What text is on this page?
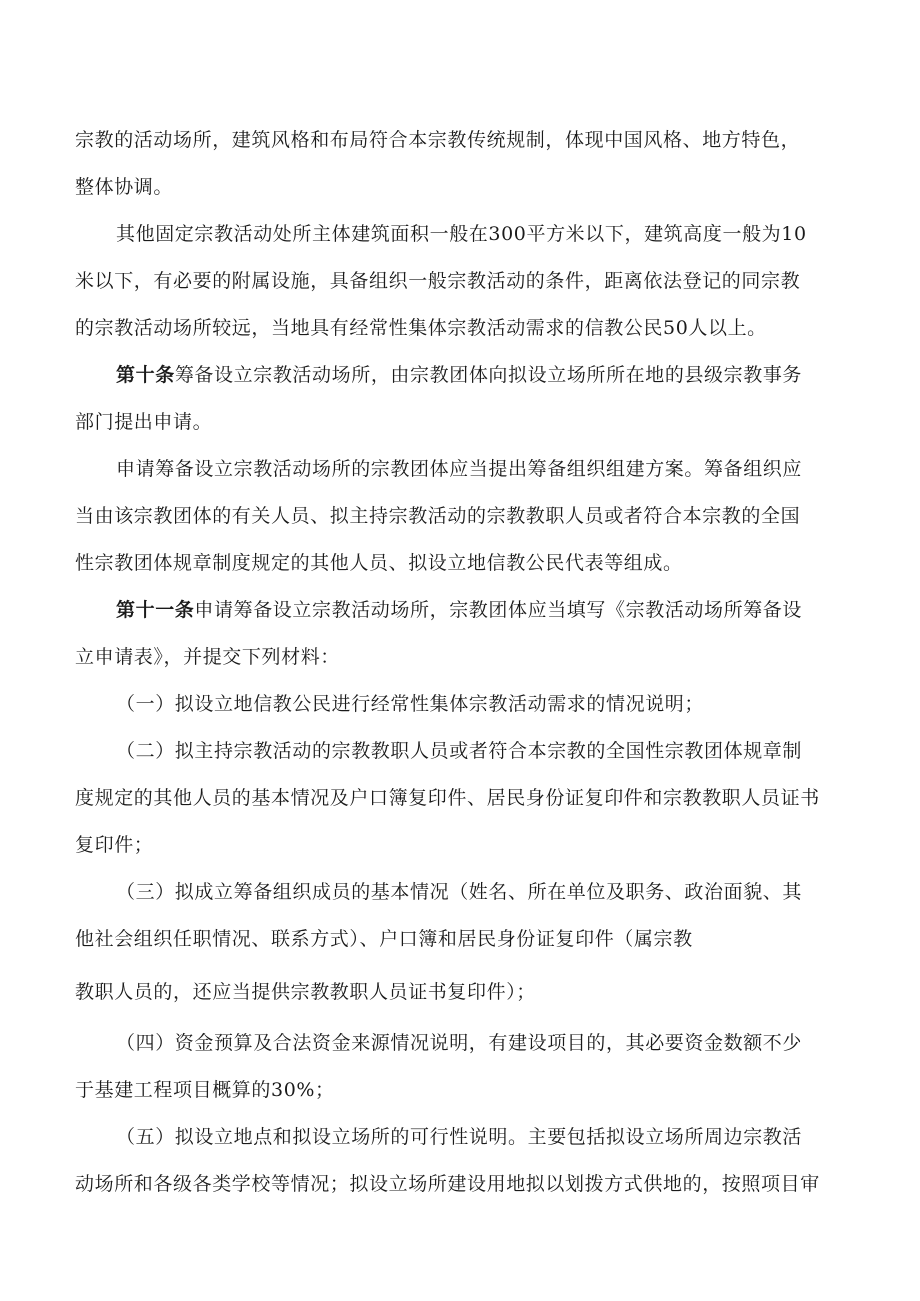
宗教的活动场所，建筑风格和布局符合本宗教传统规制，体现中国风格、地方特色，
整体协调。
其他固定宗教活动处所主体建筑面积一般在300平方米以下，建筑高度一般为10
米以下，有必要的附属设施，具备组织一般宗教活动的条件，距离依法登记的同宗教
的宗教活动场所较远，当地具有经常性集体宗教活动需求的信教公民50人以上。
第十条筹备设立宗教活动场所，由宗教团体向拟设立场所所在地的县级宗教事务
部门提出申请。
申请筹备设立宗教活动场所的宗教团体应当提出筹备组织组建方案。筹备组织应
当由该宗教团体的有关人员、拟主持宗教活动的宗教教职人员或者符合本宗教的全国
性宗教团体规章制度规定的其他人员、拟设立地信教公民代表等组成。
第十一条申请筹备设立宗教活动场所，宗教团体应当填写《宗教活动场所筹备设
立申请表》，并提交下列材料：
（一）拟设立地信教公民进行经常性集体宗教活动需求的情况说明；
（二）拟主持宗教活动的宗教教职人员或者符合本宗教的全国性宗教团体规章制
度规定的其他人员的基本情况及户口簿复印件、居民身份证复印件和宗教教职人员证书
复印件；
（三）拟成立筹备组织成员的基本情况（姓名、所在单位及职务、政治面貌、其
他社会组织任职情况、联系方式）、户口簿和居民身份证复印件（属宗教
教职人员的，还应当提供宗教教职人员证书复印件）；
（四）资金预算及合法资金来源情况说明，有建设项目的，其必要资金数额不少
于基建工程项目概算的30%；
（五）拟设立地点和拟设立场所的可行性说明。主要包括拟设立场所周边宗教活
动场所和各级各类学校等情况；拟设立场所建设用地拟以划拨方式供地的，按照项目审
